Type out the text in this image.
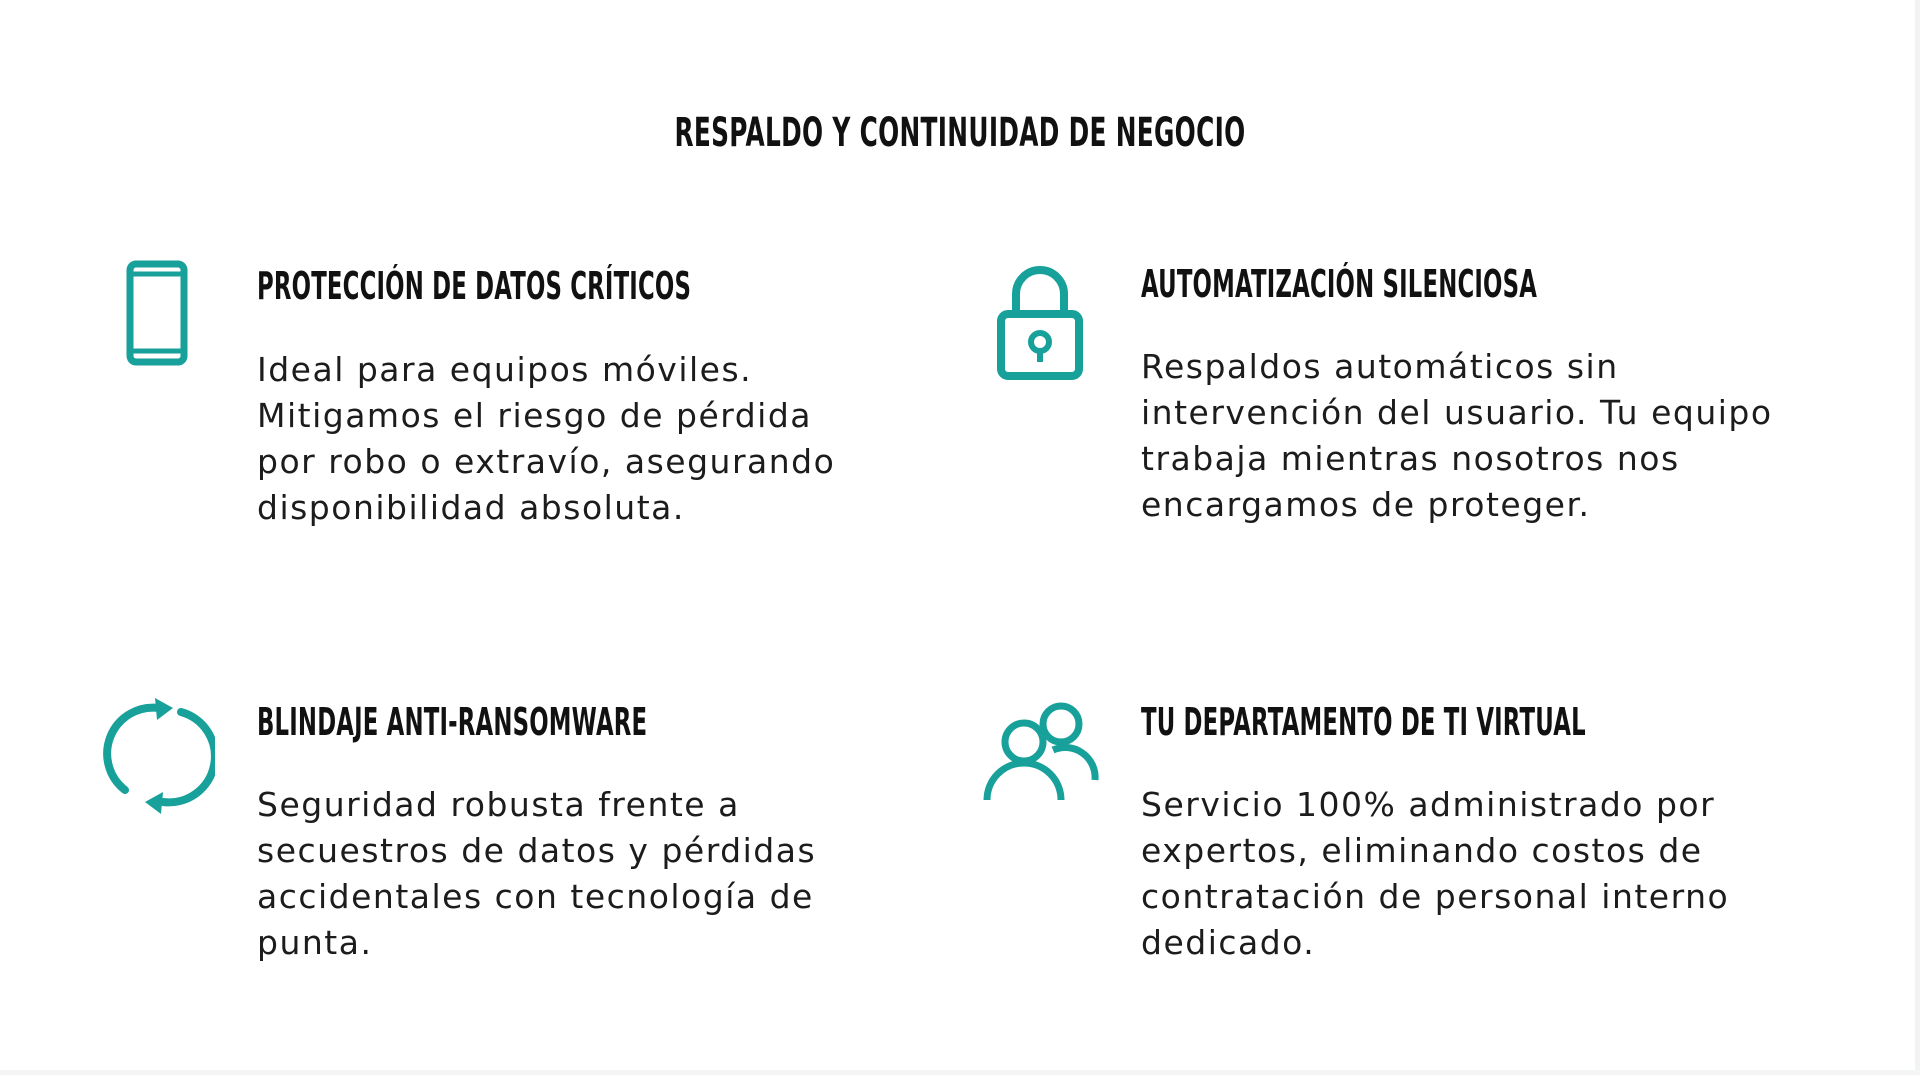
RESPALDO Y CONTINUIDAD DE NEGOCIO
PROTECCIÓN DE DATOS CRÍTICOS

Ideal para equipos móviles. Mitigamos el riesgo de pérdida por robo o extravío, asegurando disponibilidad absoluta.

AUTOMATIZACIÓN SILENCIOSA

Respaldos automáticos sin intervención del usuario. Tu equipo trabaja mientras nosotros nos encargamos de proteger.

BLINDAJE ANTI-RANSOMWARE

Seguridad robusta frente a secuestros de datos y pérdidas accidentales con tecnología de punta.

TU DEPARTAMENTO DE TI VIRTUAL

Servicio 100% administrado por expertos, eliminando costos de contratación de personal interno dedicado.
